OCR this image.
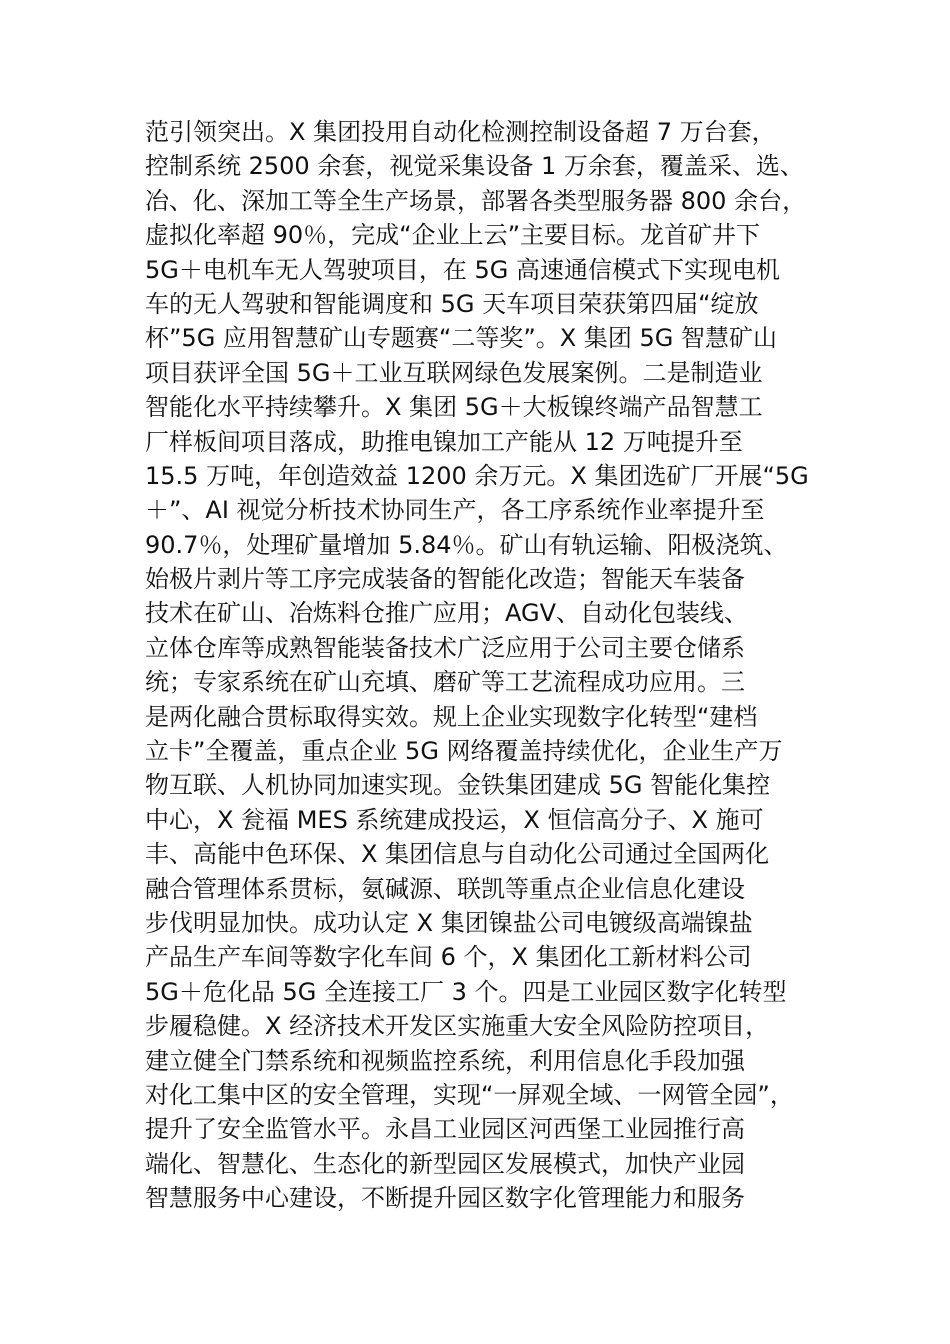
范引领突出。X 集团投用自动化检测控制设备超 7 万台套，
控制系统 2500 余套，视觉采集设备 1 万余套，覆盖采、选、
冶、化、深加工等全生产场景，部署各类型服务器 800 余台，
虚拟化率超 90％，完成“企业上云”主要目标。龙首矿井下
5G＋电机车无人驾驶项目，在 5G 高速通信模式下实现电机
车的无人驾驶和智能调度和 5G 天车项目荣获第四届“绽放
杯”5G 应用智慧矿山专题赛“二等奖”。X 集团 5G 智慧矿山
项目获评全国 5G＋工业互联网绿色发展案例。二是制造业
智能化水平持续攀升。X 集团 5G＋大板镍终端产品智慧工
厂样板间项目落成，助推电镍加工产能从 12 万吨提升至
15.5 万吨，年创造效益 1200 余万元。X 集团选矿厂开展“5G
＋”、AI 视觉分析技术协同生产，各工序系统作业率提升至
90.7％，处理矿量增加 5.84％。矿山有轨运输、阳极浇筑、
始极片剥片等工序完成装备的智能化改造；智能天车装备
技术在矿山、冶炼料仓推广应用；AGV、自动化包装线、
立体仓库等成熟智能装备技术广泛应用于公司主要仓储系
统；专家系统在矿山充填、磨矿等工艺流程成功应用。三
是两化融合贯标取得实效。规上企业实现数字化转型“建档
立卡”全覆盖，重点企业 5G 网络覆盖持续优化，企业生产万
物互联、人机协同加速实现。金铁集团建成 5G 智能化集控
中心，X 瓮福 MES 系统建成投运，X 恒信高分子、X 施可
丰、高能中色环保、X 集团信息与自动化公司通过全国两化
融合管理体系贯标，氨碱源、联凯等重点企业信息化建设
步伐明显加快。成功认定 X 集团镍盐公司电镀级高端镍盐
产品生产车间等数字化车间 6 个，X 集团化工新材料公司
5G＋危化品 5G 全连接工厂 3 个。四是工业园区数字化转型
步履稳健。X 经济技术开发区实施重大安全风险防控项目，
建立健全门禁系统和视频监控系统，利用信息化手段加强
对化工集中区的安全管理，实现“一屏观全域、一网管全园”，
提升了安全监管水平。永昌工业园区河西堡工业园推行高
端化、智慧化、生态化的新型园区发展模式，加快产业园
智慧服务中心建设，不断提升园区数字化管理能力和服务
